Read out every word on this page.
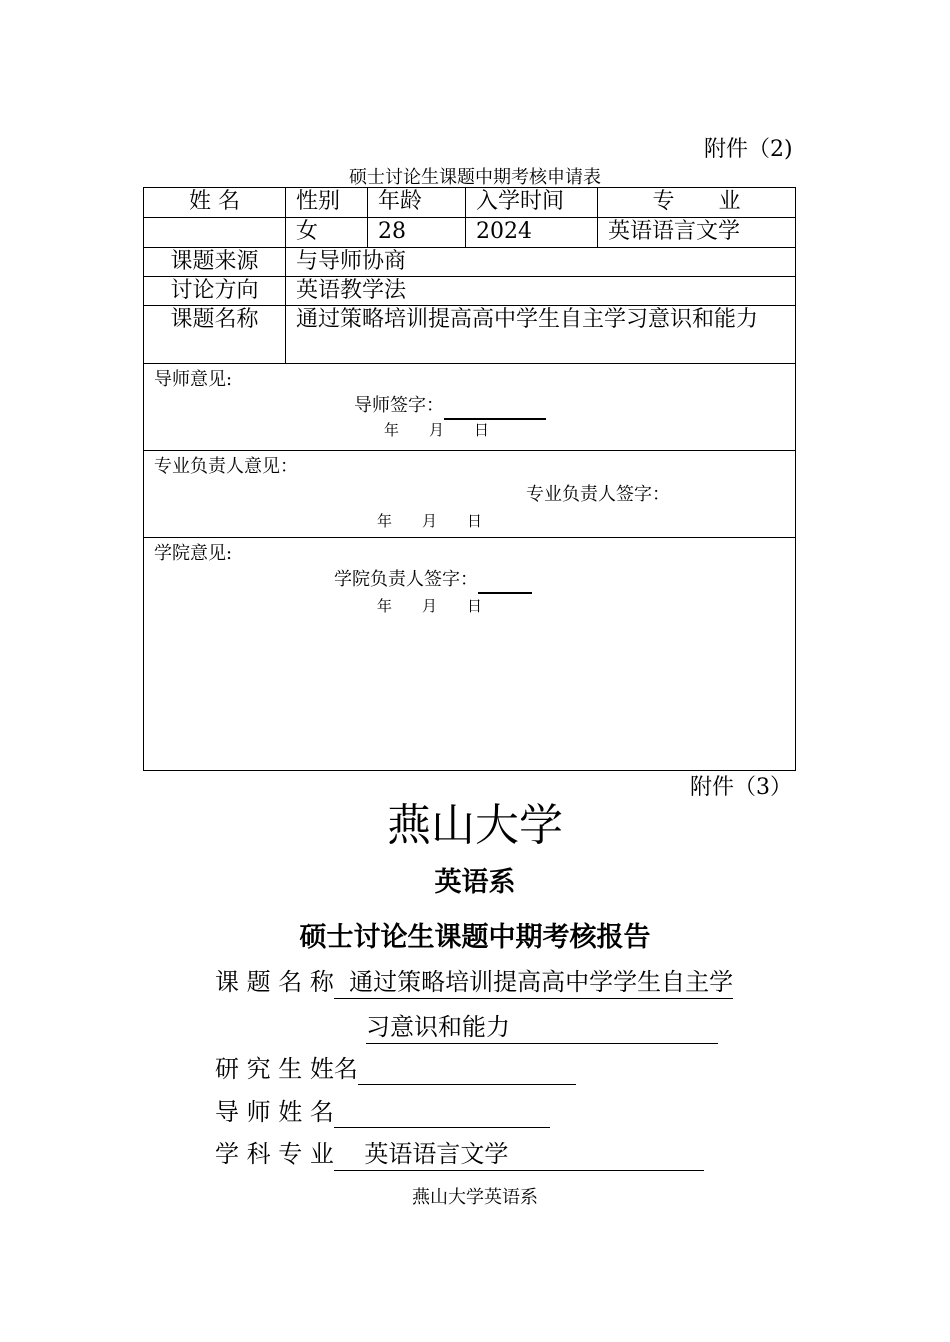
附件（2)
硕士讨论生课题中期考核申请表
姓 名	性别	年龄	入学时间	专　　业
	女	28	2024	英语语言文学
课题来源	与导师协商			
讨论方向	英语教学法			
课题名称	通过策略培训提高高中学生自主学习意识和能力			

导师意见:
导师签字：
年　　月　　日				

专业负责人意见：
专业负责人签字：
年　　月　　日				

学院意见:
学院负责人签字：
年　　月　　日				
附件（3）
燕山大学
英语系
硕士讨论生课题中期考核报告
课 题 名 称  通过策略培训提高高中学学生自主学
习意识和能力
研 究 生 姓名
导 师 姓 名
学 科 专 业    英语语言文学
燕山大学英语系
